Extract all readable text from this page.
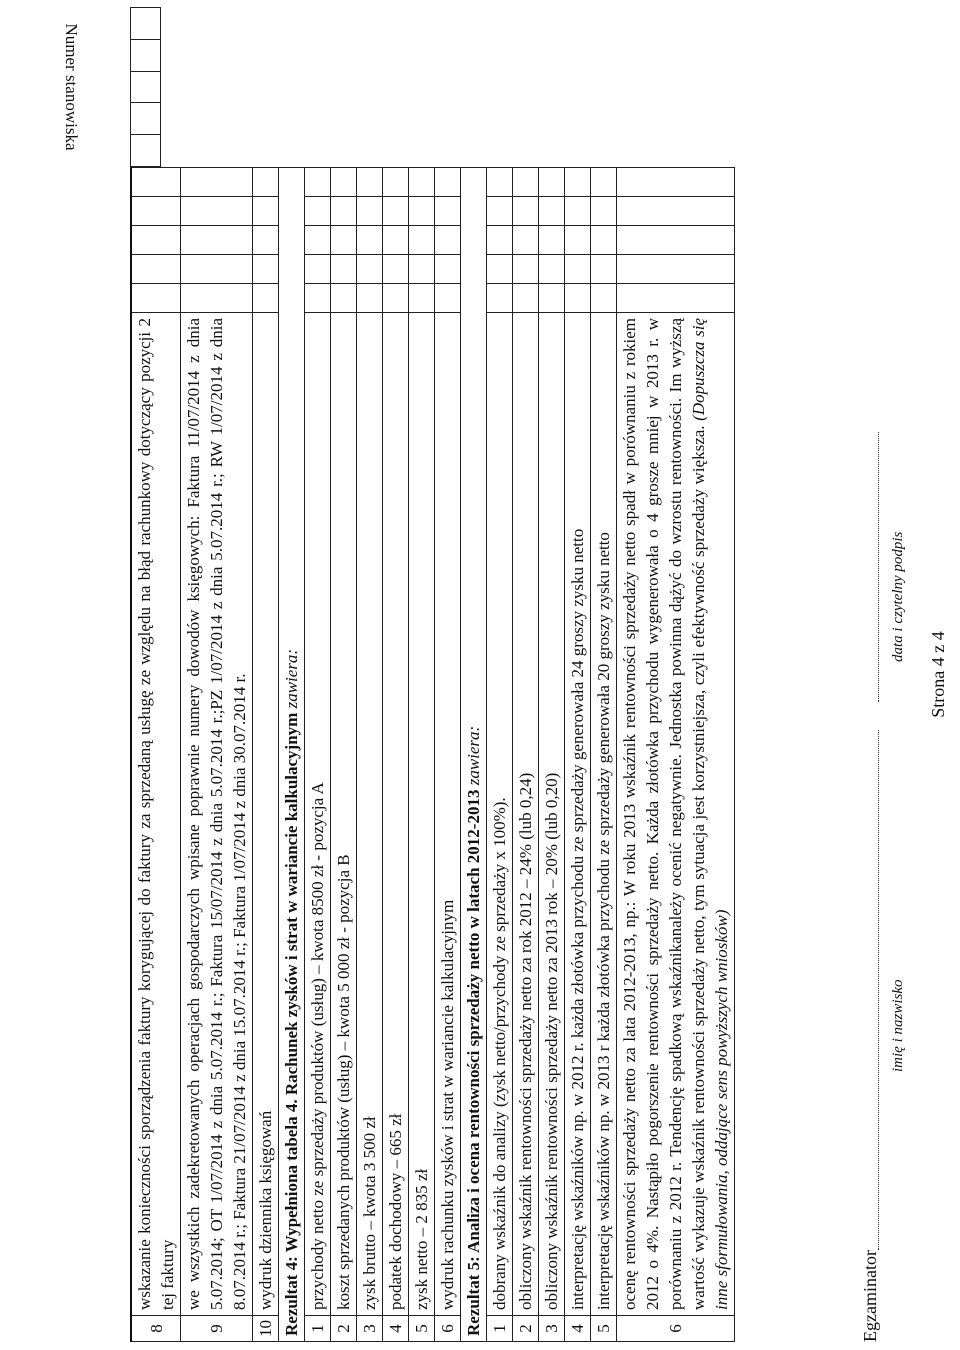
Numer stanowiska

8	wskazanie konieczności sporządzenia faktury korygującej do faktury za sprzedaną usługę ze względu na błąd rachunkowy dotyczący pozycji 2 tej faktury					
9	we wszystkich zadekretowanych operacjach gospodarczych wpisane poprawnie numery dowodów księgowych: Faktura 11/07/2014 z dnia 5.07.2014; OT 1/07/2014 z dnia 5.07.2014 r.; Faktura 15/07/2014 z dnia 5.07.2014 r.;PZ 1/07/2014 z dnia 5.07.2014 r.; RW 1/07/2014 z dnia 8.07.2014 r.; Faktura 21/07/2014 z dnia 15.07.2014 r.; Faktura 1/07/2014 z dnia 30.07.2014 r.					
10	wydruk dziennika księgowań					
Rezultat 4: Wypełniona tabela 4. Rachunek zysków i strat w wariancie kalkulacyjnym zawiera:						
1	przychody netto ze sprzedaży produktów (usług) – kwota 8500 zł - pozycja A					
2	koszt sprzedanych produktów (usług) – kwota 5 000 zł - pozycja B					
3	zysk brutto – kwota 3 500 zł					
4	podatek dochodowy – 665 zł					
5	zysk netto – 2 835 zł					
6	wydruk rachunku zysków i strat w wariancie kalkulacyjnym					
Rezultat 5: Analiza i ocena rentowności sprzedaży netto w latach 2012-2013 zawiera:						
1	dobrany wskaźnik do analizy (zysk netto/przychody ze sprzedaży x 100%).					
2	obliczony wskaźnik rentowności sprzedaży netto za rok 2012 – 24% (lub 0,24)					
3	obliczony wskaźnik rentowności sprzedaży netto za 2013 rok – 20% (lub 0,20)					
4	interpretację wskaźników np. w 2012 r. każda złotówka przychodu ze sprzedaży generowała 24 groszy zysku netto					
5	interpretację wskaźników np. w 2013 r każda złotówka przychodu ze sprzedaży generowała 20 groszy zysku netto					
6	ocenę rentowności sprzedaży netto za lata 2012-2013, np.: W roku 2013 wskaźnik rentowności sprzedaży netto spadł w porównaniu z rokiem 2012 o 4%. Nastąpiło pogorszenie rentowności sprzedaży netto. Każda złotówka przychodu wygenerowała o 4 grosze mniej w 2013 r. w porównaniu z 2012 r. Tendencję spadkową wskaźnikanależy ocenić negatywnie. Jednostka powinna dążyć do wzrostu rentowności. Im wyższą wartość wykazuje wskaźnik rentowności sprzedaży netto, tym sytuacja jest korzystniejsza, czyli efektywność sprzedaży większa. (Dopuszcza się inne sformułowania, oddające sens powyższych wniosków)						Egzaminator
imię i nazwisko
data i czytelny podpis
Strona 4 z 4
